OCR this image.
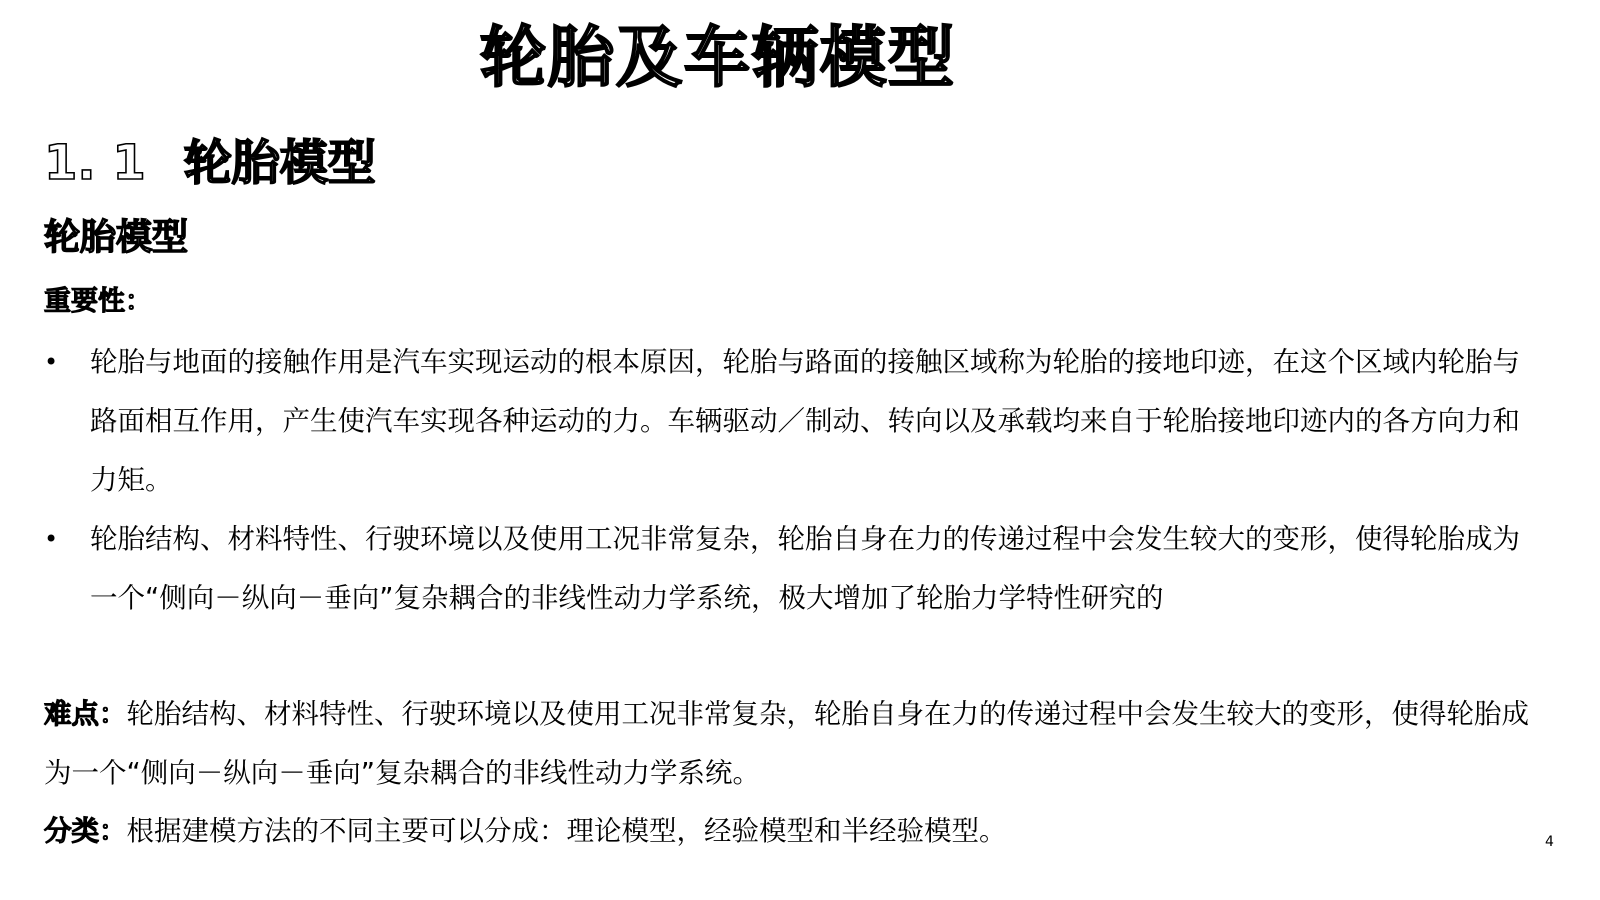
轮胎及车辆模型
1. 1 轮胎模型
轮胎模型
重要性：
• 轮胎与地面的接触作用是汽车实现运动的根本原因，轮胎与路面的接触区域称为轮胎的接地印迹，在这个区域内轮胎与路面相互作用，产生使汽车实现各种运动的力。车辆驱动／制动、转向以及承载均来自于轮胎接地印迹内的各方向力和力矩。
• 轮胎结构、材料特性、行驶环境以及使用工况非常复杂，轮胎自身在力的传递过程中会发生较大的变形，使得轮胎成为一个“侧向－纵向－垂向”复杂耦合的非线性动力学系统，极大增加了轮胎力学特性研究的

难点：轮胎结构、材料特性、行驶环境以及使用工况非常复杂，轮胎自身在力的传递过程中会发生较大的变形，使得轮胎成为一个“侧向－纵向－垂向”复杂耦合的非线性动力学系统。

分类：根据建模方法的不同主要可以分成：理论模型，经验模型和半经验模型。	4
